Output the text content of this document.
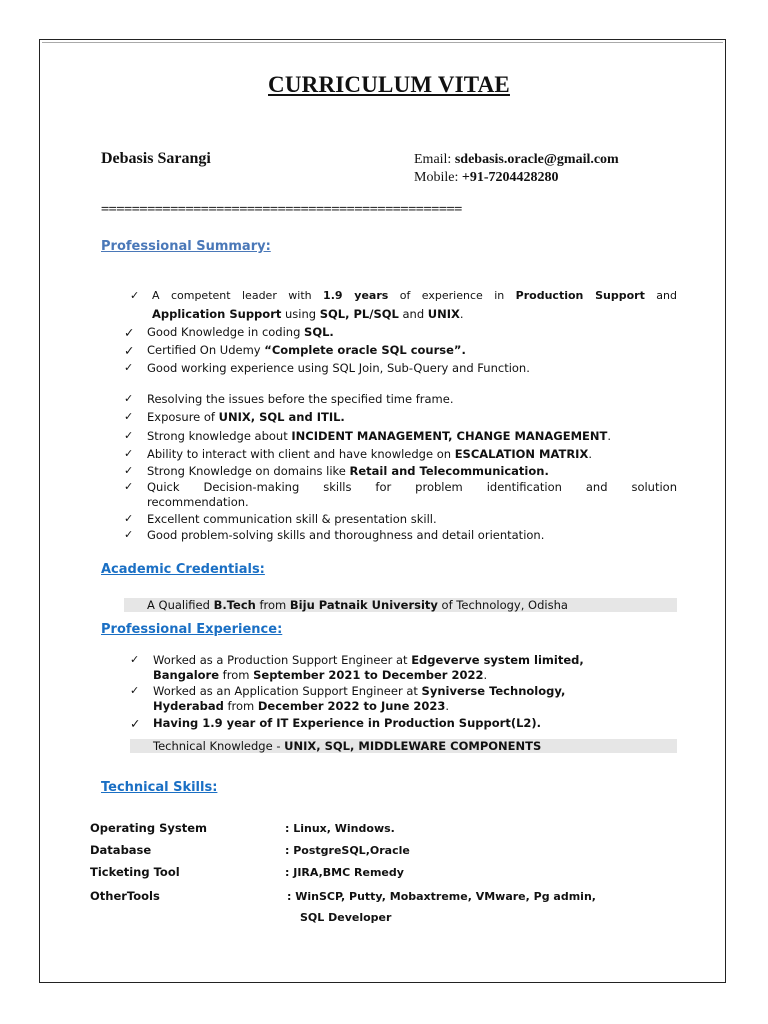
CURRICULUM VITAE
Debasis Sarangi	Email: sdebasis.oracle@gmail.com
Mobile: +91-7204428280
===============================================
Professional Summary:
Academic Credentials:
Professional Experience:
Technical Skills:
✓ A competent leader with 1.9 years of experience in Production Support and
Application Support using SQL, PL/SQL and UNIX.
✓ Good Knowledge in coding SQL.
✓ Certified On Udemy “Complete oracle SQL course”.
✓ Good working experience using SQL Join, Sub-Query and Function.
✓ Resolving the issues before the specified time frame.
✓ Exposure of UNIX, SQL and ITIL.
✓ Strong knowledge about INCIDENT MANAGEMENT, CHANGE MANAGEMENT.
✓ Ability to interact with client and have knowledge on ESCALATION MATRIX.
✓ Strong Knowledge on domains like Retail and Telecommunication.
✓ Quick Decision-making skills for problem identification and solution
recommendation.
✓ Excellent communication skill & presentation skill.
✓ Good problem-solving skills and thoroughness and detail orientation.
A Qualified B.Tech from Biju Patnaik University of Technology, Odisha
✓ Worked as a Production Support Engineer at Edgeverve system limited,
Bangalore from September 2021 to December 2022.
✓ Worked as an Application Support Engineer at Syniverse Technology,
Hyderabad from December 2022 to June 2023.
✓ Having 1.9 year of IT Experience in Production Support(L2).
Technical Knowledge - UNIX, SQL, MIDDLEWARE COMPONENTS
Operating System	: Linux, Windows.
Database	: PostgreSQL,Oracle
Ticketing Tool	: JIRA,BMC Remedy
OtherTools	: WinSCP, Putty, Mobaxtreme, VMware, Pg admin,
SQL Developer
